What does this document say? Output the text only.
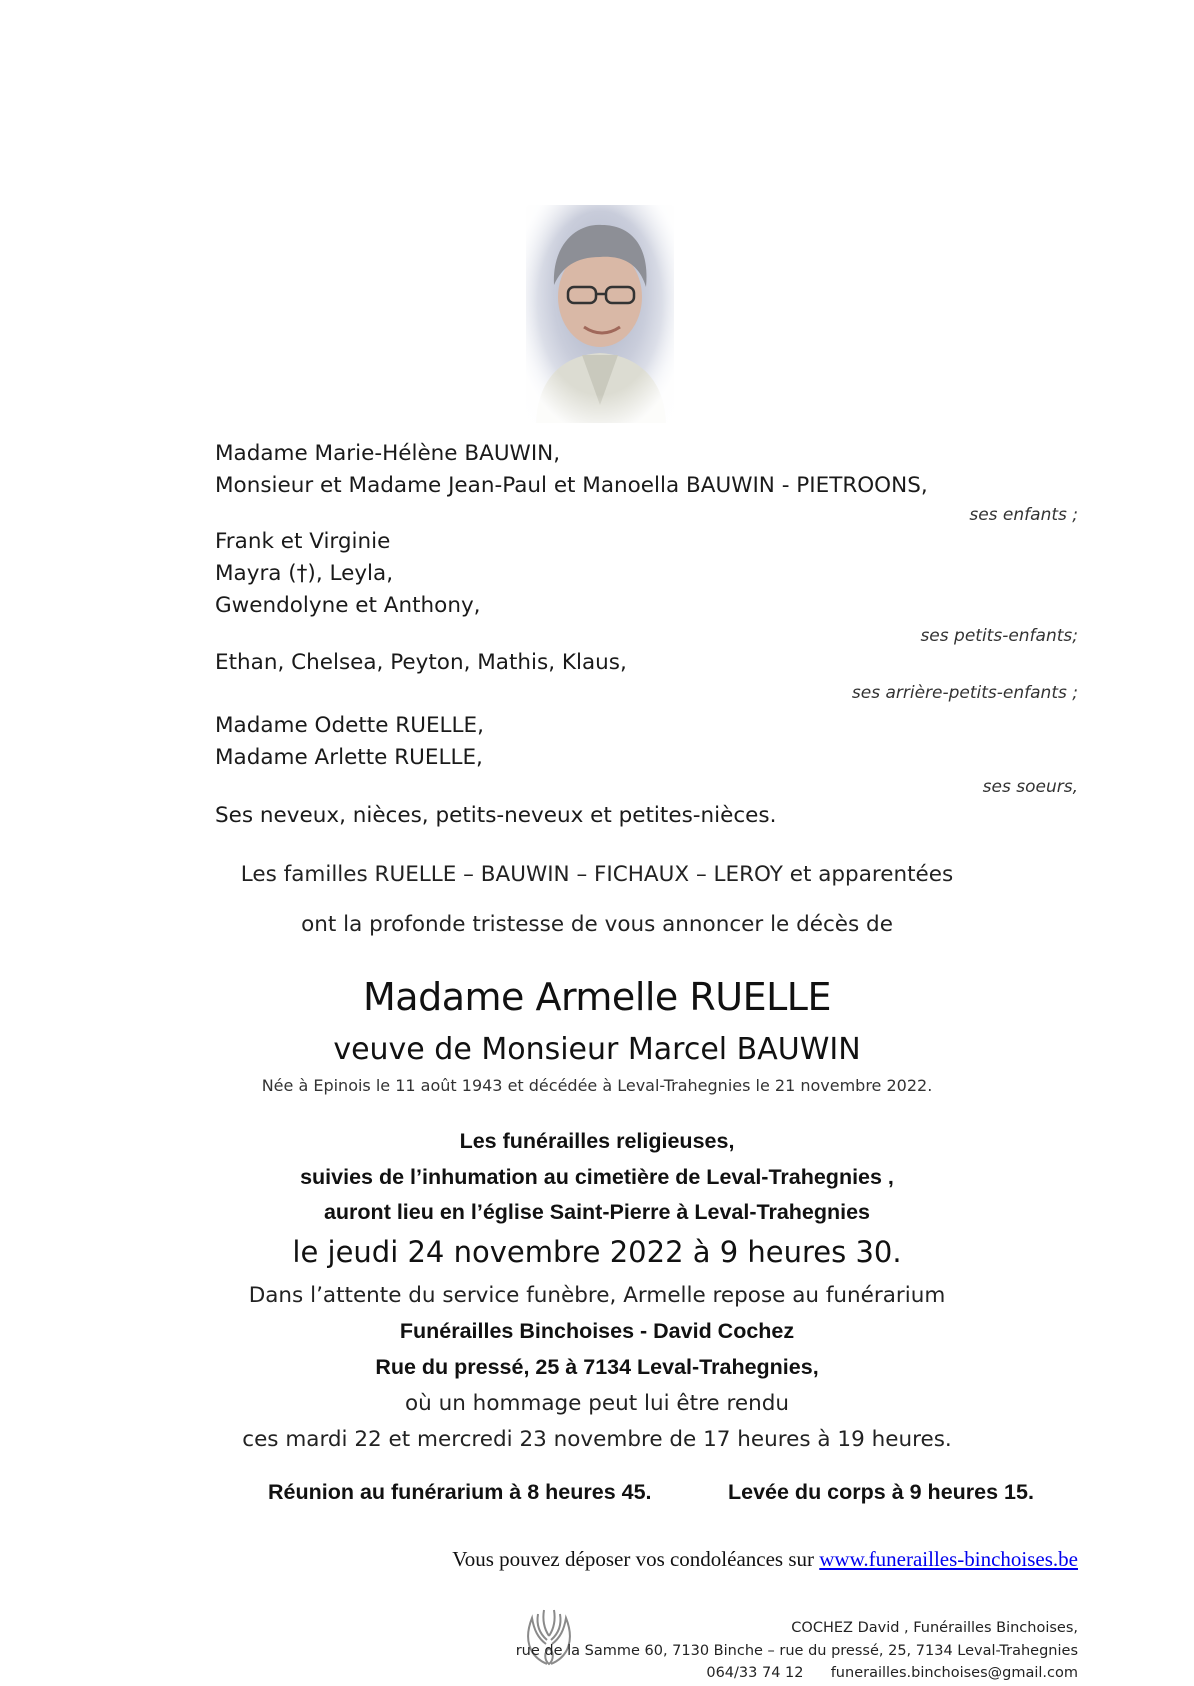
Madame Marie-Hélène BAUWIN,
Monsieur et Madame Jean-Paul et Manoella BAUWIN - PIETROONS,
ses enfants ;
Frank et Virginie
Mayra (†), Leyla,
Gwendolyne et Anthony,
ses petits-enfants;
Ethan, Chelsea, Peyton, Mathis, Klaus,
ses arrière-petits-enfants ;
Madame Odette RUELLE,
Madame Arlette RUELLE,
ses soeurs,
Ses neveux, nièces, petits-neveux et petites-nièces.
Les familles RUELLE – BAUWIN – FICHAUX – LEROY et apparentées
ont la profonde tristesse de vous annoncer le décès de
Madame Armelle RUELLE
veuve de Monsieur Marcel BAUWIN
Née à Epinois le 11 août 1943 et décédée à Leval-Trahegnies le 21 novembre 2022.
Les funérailles religieuses,
suivies de l’inhumation au cimetière de Leval-Trahegnies ,
auront lieu en l’église Saint-Pierre à Leval-Trahegnies
le jeudi 24 novembre 2022 à 9 heures 30.
Dans l’attente du service funèbre, Armelle repose au funérarium
Funérailles Binchoises - David Cochez
Rue du pressé, 25 à 7134 Leval-Trahegnies,
où un hommage peut lui être rendu
ces mardi 22 et mercredi 23 novembre de 17 heures à 19 heures.
Réunion au funérarium à 8 heures 45.	Levée du corps à 9 heures 15.
Vous pouvez déposer vos condoléances sur www.funerailles-binchoises.be
COCHEZ David , Funérailles Binchoises,
rue de la Samme 60, 7130 Binche – rue du pressé, 25, 7134 Leval-Trahegnies
064/33 74 12 funerailles.binchoises@gmail.com
